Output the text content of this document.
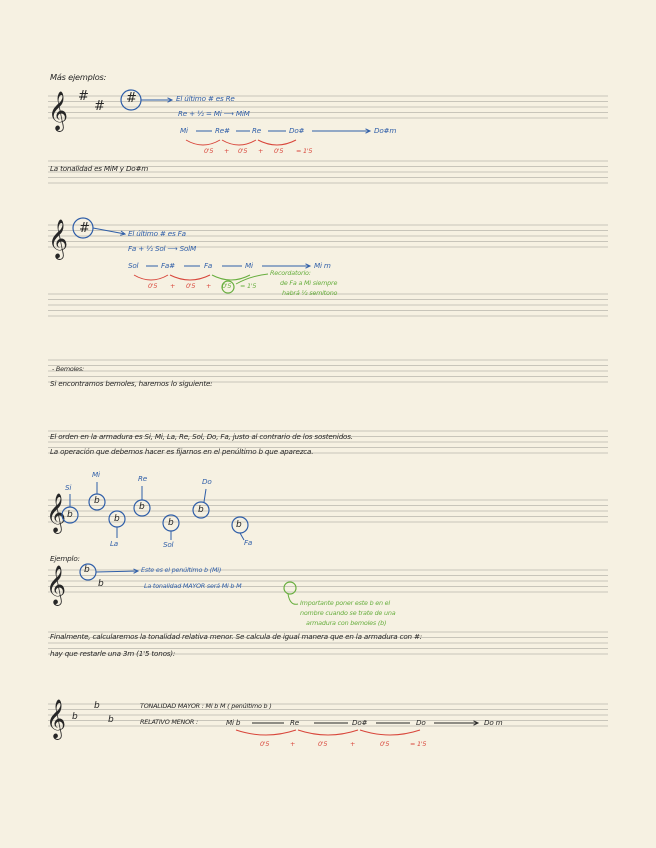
Más ejemplos:
𝄞 #
#
#	El último # es Re
Re + ½ = Mi ⟶ MiM
Mi	Re#	Re	Do#	Do#m
0'5 + 0'5 + 0'5 = 1'5
La tonalidad es MiM y Do#m
𝄞 #	El último # es Fa
Fa + ½ Sol ⟶ SolM
Sol	Fa#	Fa	Mi	Mi m
0'5 + 0'5 + 0'5 = 1'5
Recordatorio:
de Fa a Mi siempre
habrá ½ semitono
- Bemoles:
Si encontramos bemoles, haremos lo siguiente:
El orden en la armadura es Si, Mi, La, Re, Sol, Do, Fa, justo al contrario de los sostenidos.
La operación que debemos hacer es fijarnos en el penúltimo b que aparezca.
𝄞 b
b
b
b
b
b
b
Si
Mi
La
Re
Sol
Do
Fa
Ejemplo:
𝄞 b
b
Este es el penúltimo b (Mi)
La tonalidad MAYOR será Mi b M
Importante poner este b en el
nombre cuando se trate de una
armadura con bemoles (b)
Finalmente, calcularemos la tonalidad relativa menor. Se calcula de igual manera que en la armadura con #:
hay que restarle una 3m (1'5 tonos):
𝄞 b
b
b
TONALIDAD MAYOR : Mi b M ( penúltimo b )
RELATIVO MENOR :	Mi b	Re	Do#	Do	Do m
0'5	+	0'5	+	0'5	= 1'5
